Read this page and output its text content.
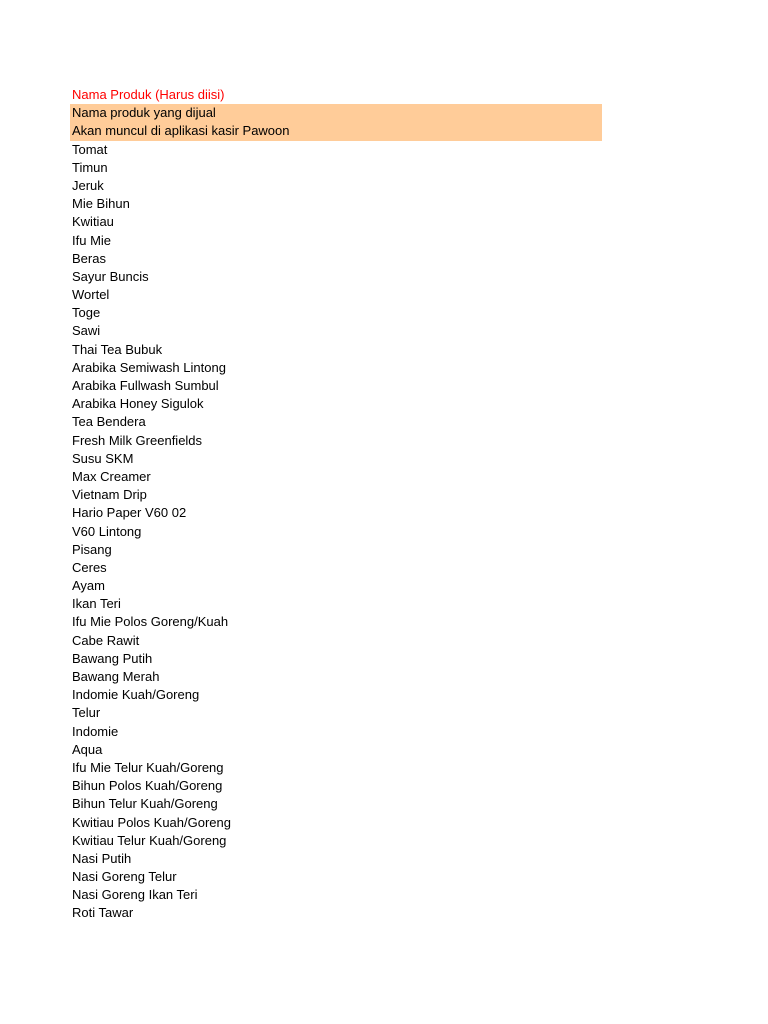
Nama Produk (Harus diisi)
Nama produk yang dijual
Akan muncul di aplikasi kasir Pawoon
Tomat
Timun
Jeruk
Mie Bihun
Kwitiau
Ifu Mie
Beras
Sayur Buncis
Wortel
Toge
Sawi
Thai Tea Bubuk
Arabika Semiwash Lintong
Arabika Fullwash Sumbul
Arabika Honey Sigulok
Tea Bendera
Fresh Milk Greenfields
Susu SKM
Max Creamer
Vietnam Drip
Hario Paper V60 02
V60 Lintong
Pisang
Ceres
Ayam
Ikan Teri
Ifu Mie Polos Goreng/Kuah
Cabe Rawit
Bawang Putih
Bawang Merah
Indomie Kuah/Goreng
Telur
Indomie
Aqua
Ifu Mie Telur Kuah/Goreng
Bihun Polos Kuah/Goreng
Bihun Telur Kuah/Goreng
Kwitiau Polos Kuah/Goreng
Kwitiau Telur Kuah/Goreng
Nasi Putih
Nasi Goreng Telur
Nasi Goreng Ikan Teri
Roti Tawar
